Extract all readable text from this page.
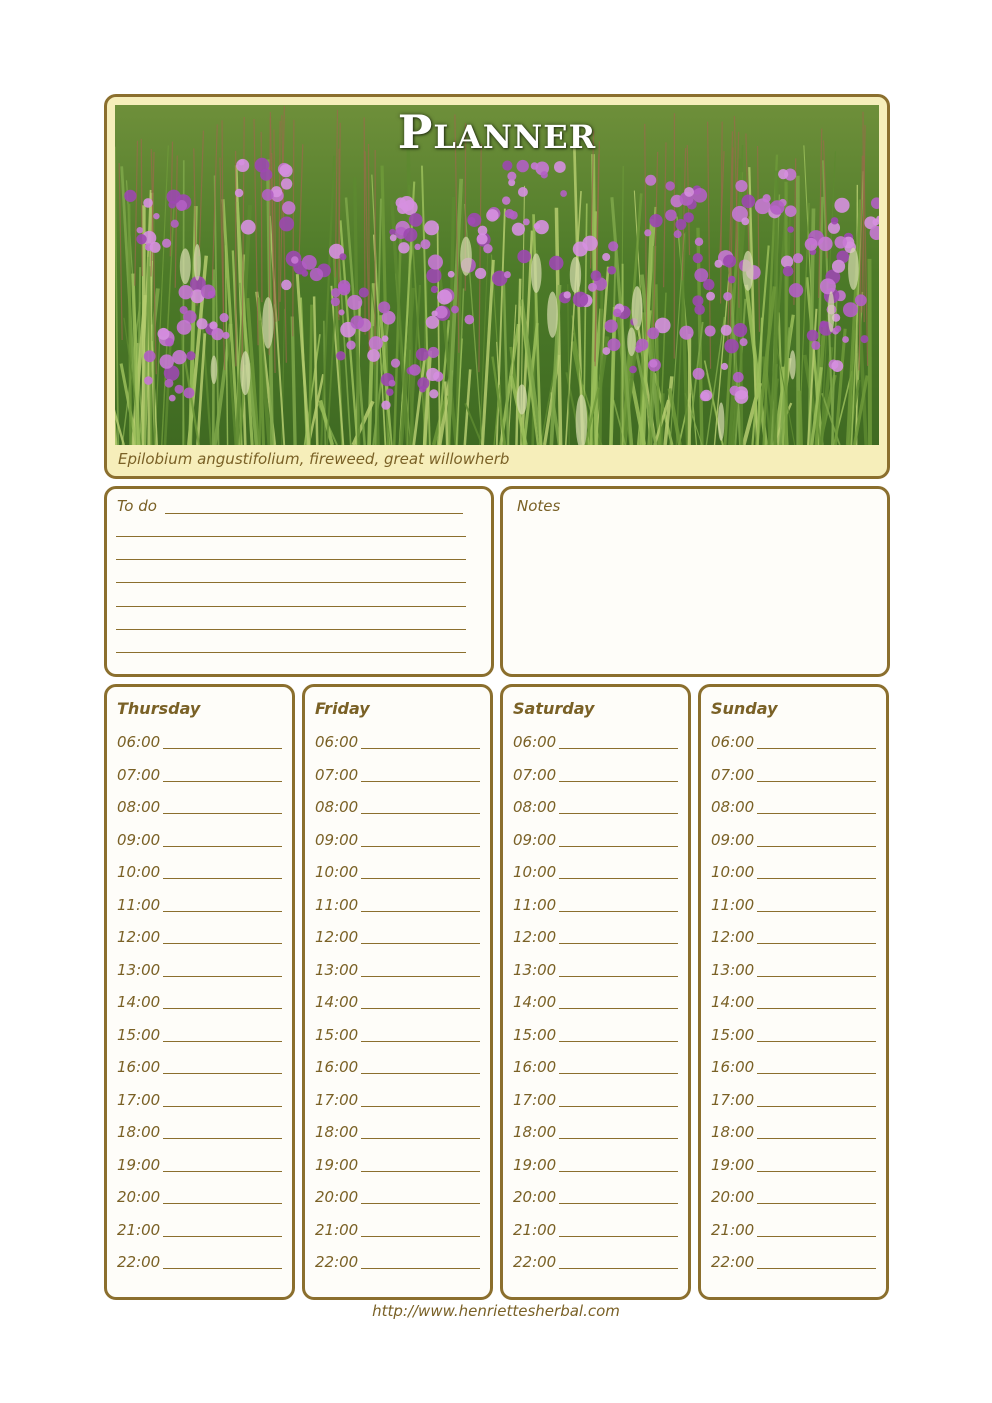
Planner
Epilobium angustifolium, fireweed, great willowherb
To do	Notes
Thursday
06:00
07:00
08:00
09:00
10:00
11:00
12:00
13:00
14:00
15:00
16:00
17:00
18:00
19:00
20:00
21:00
22:00
Friday
06:00
07:00
08:00
09:00
10:00
11:00
12:00
13:00
14:00
15:00
16:00
17:00
18:00
19:00
20:00
21:00
22:00
Saturday
06:00
07:00
08:00
09:00
10:00
11:00
12:00
13:00
14:00
15:00
16:00
17:00
18:00
19:00
20:00
21:00
22:00
Sunday
06:00
07:00
08:00
09:00
10:00
11:00
12:00
13:00
14:00
15:00
16:00
17:00
18:00
19:00
20:00
21:00
22:00
http://www.henriettesherbal.com
